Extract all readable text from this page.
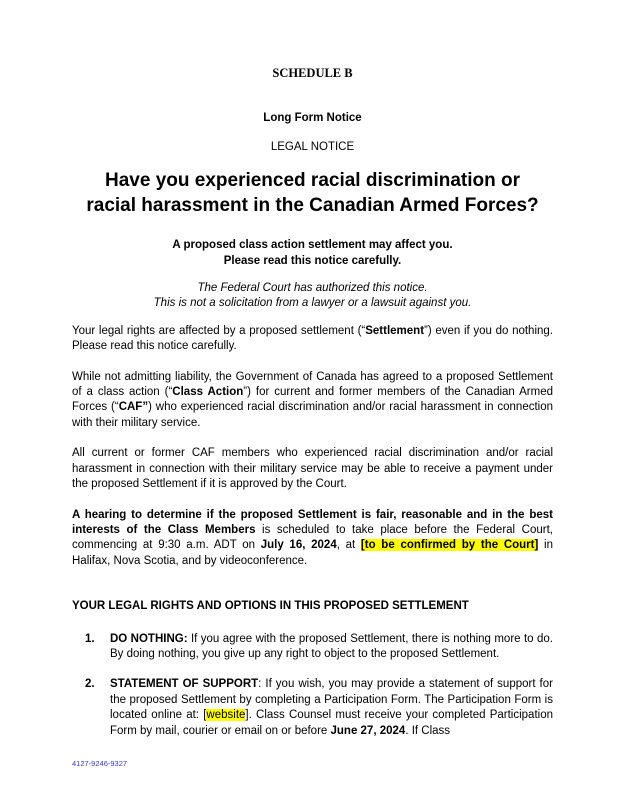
SCHEDULE B

Long Form Notice

LEGAL NOTICE

Have you experienced racial discrimination or racial harassment in the Canadian Armed Forces?
A proposed class action settlement may affect you.
Please read this notice carefully.
The Federal Court has authorized this notice.
This is not a solicitation from a lawyer or a lawsuit against you.

Your legal rights are affected by a proposed settlement (“Settlement”) even if you do nothing. Please read this notice carefully.

While not admitting liability, the Government of Canada has agreed to a proposed Settlement of a class action (“Class Action”) for current and former members of the Canadian Armed Forces (“CAF”) who experienced racial discrimination and/or racial harassment in connection with their military service.

All current or former CAF members who experienced racial discrimination and/or racial harassment in connection with their military service may be able to receive a payment under the proposed Settlement if it is approved by the Court.

A hearing to determine if the proposed Settlement is fair, reasonable and in the best interests of the Class Members is scheduled to take place before the Federal Court, commencing at 9:30 a.m. ADT on July 16, 2024, at [to be confirmed by the Court] in Halifax, Nova Scotia, and by videoconference.

YOUR LEGAL RIGHTS AND OPTIONS IN THIS PROPOSED SETTLEMENT

1.	DO NOTHING: If you agree with the proposed Settlement, there is nothing more to do. By doing nothing, you give up any right to object to the proposed Settlement.
2.	STATEMENT OF SUPPORT: If you wish, you may provide a statement of support for the proposed Settlement by completing a Participation Form. The Participation Form is located online at: [website]. Class Counsel must receive your completed Participation Form by mail, courier or email on or before June 27, 2024. If Class
4127-9246-9327
